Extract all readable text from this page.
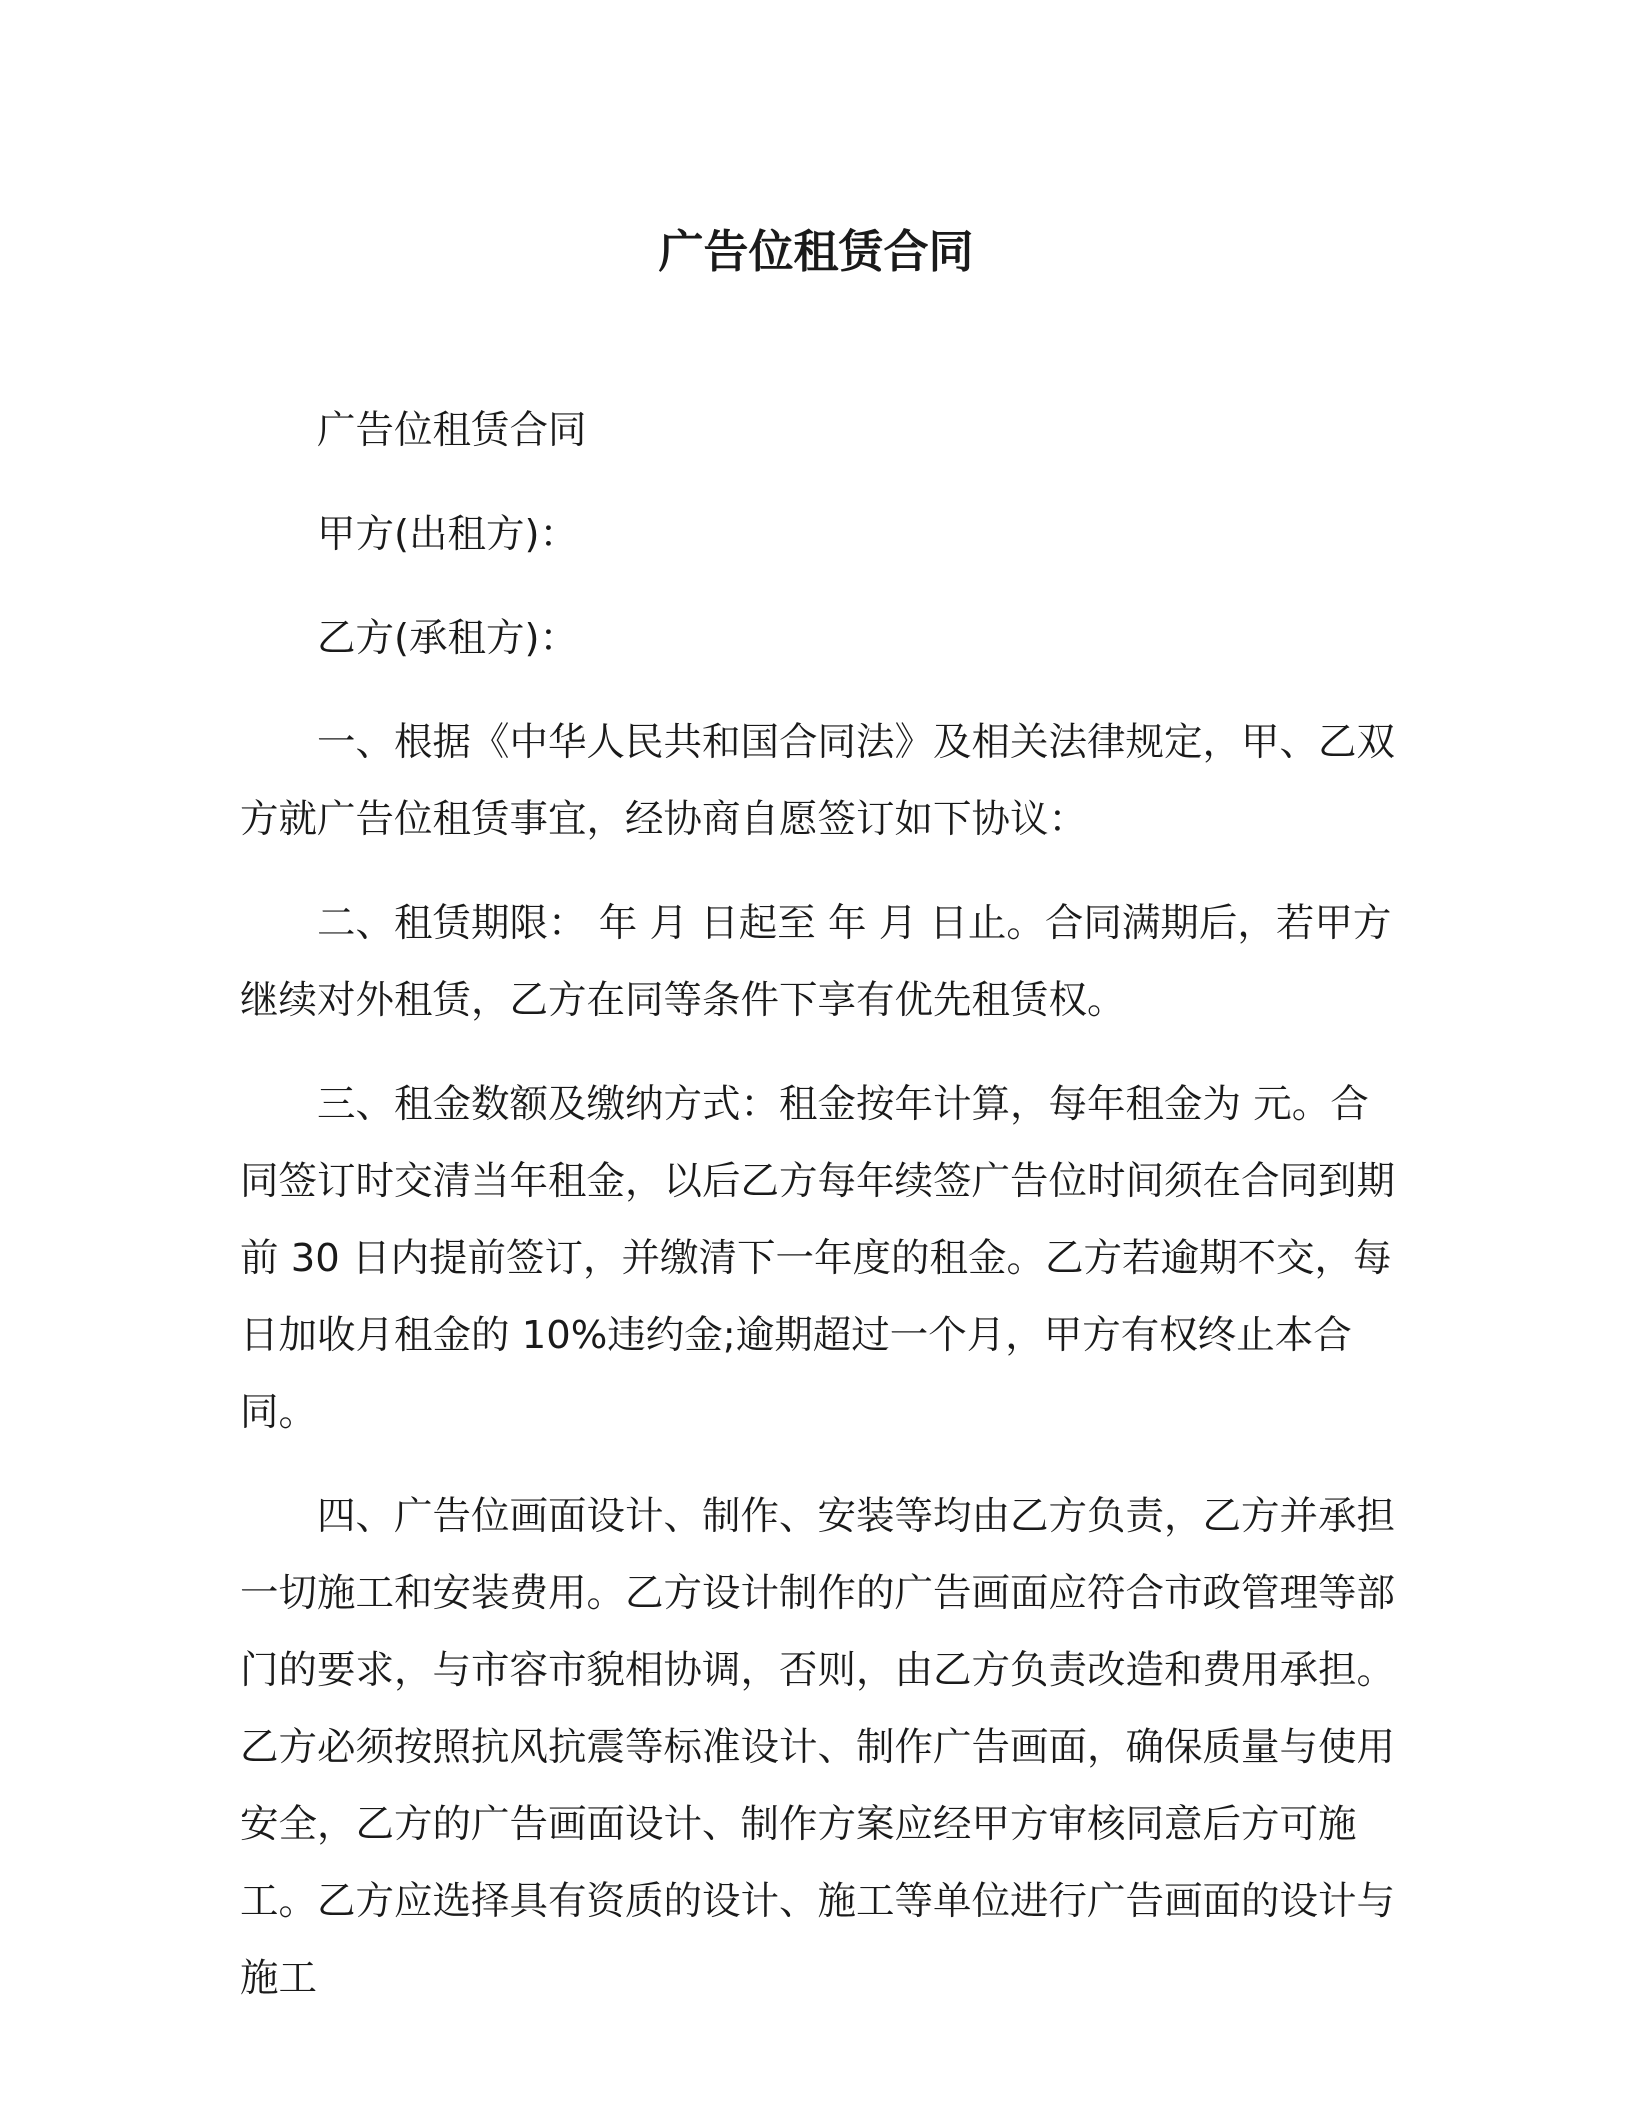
广告位租赁合同

广告位租赁合同

甲方(出租方)：

乙方(承租方)：

一、根据《中华人民共和国合同法》及相关法律规定，甲、乙双方就广告位租赁事宜，经协商自愿签订如下协议：

二、租赁期限： 年 月 日起至 年 月 日止。合同满期后，若甲方继续对外租赁，乙方在同等条件下享有优先租赁权。

三、租金数额及缴纳方式：租金按年计算，每年租金为 元。合同签订时交清当年租金，以后乙方每年续签广告位时间须在合同到期前 30 日内提前签订，并缴清下一年度的租金。乙方若逾期不交，每日加收月租金的 10%违约金;逾期超过一个月，甲方有权终止本合同。

四、广告位画面设计、制作、安装等均由乙方负责，乙方并承担一切施工和安装费用。乙方设计制作的广告画面应符合市政管理等部门的要求，与市容市貌相协调，否则，由乙方负责改造和费用承担。乙方必须按照抗风抗震等标准设计、制作广告画面，确保质量与使用安全，乙方的广告画面设计、制作方案应经甲方审核同意后方可施工。乙方应选择具有资质的设计、施工等单位进行广告画面的设计与施工
